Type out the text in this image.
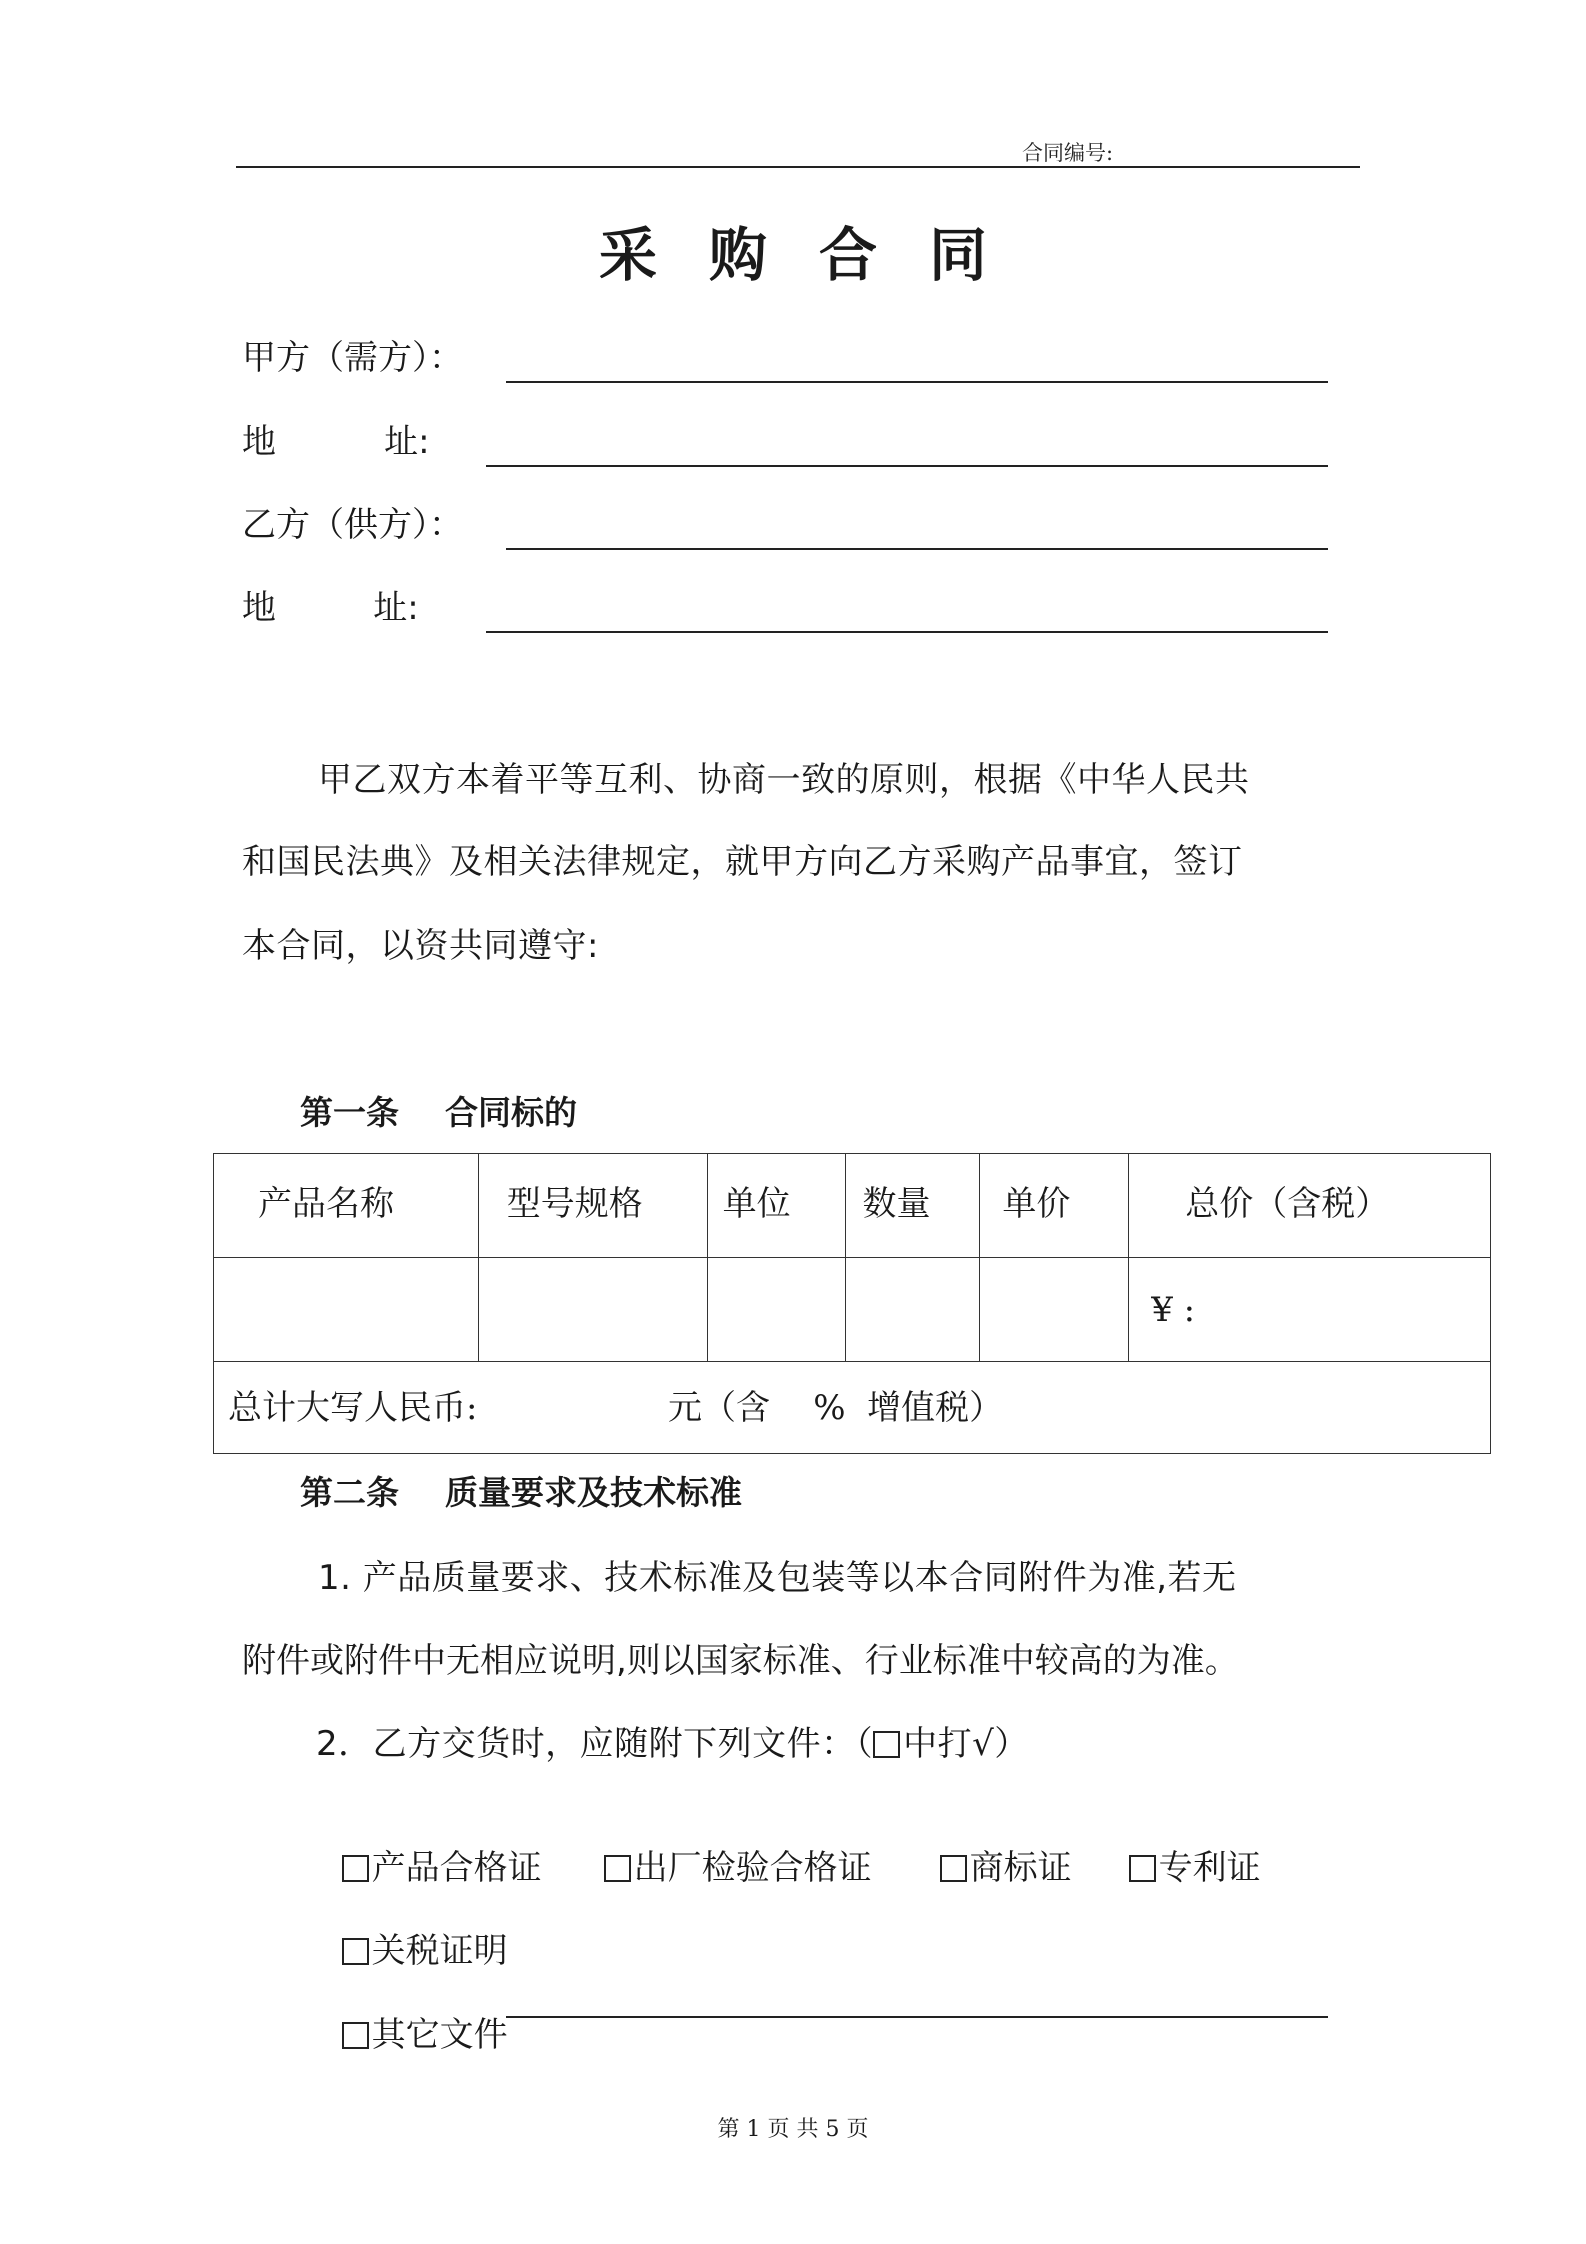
合同编号:
采 购 合 同
甲方（需方）：
地          址:
乙方（供方）：
地         址:
甲乙双方本着平等互利、协商一致的原则，根据《中华人民共
和国民法典》及相关法律规定，就甲方向乙方采购产品事宜，签订
本合同，以资共同遵守:
第一条    合同标的
产品名称	型号规格	单位	数量	单价	总价（含税）

					¥ :

总计大写人民币: 元（含    %  增值税）					
第二条    质量要求及技术标准
1. 产品质量要求、技术标准及包装等以本合同附件为准,若无
附件或附件中无相应说明,则以国家标准、行业标准中较高的为准。
2．乙方交货时，应随附下列文件：（ 中打√）

产品合格证	出厂检验合格证	商标证	专利证

关税证明

其它文件

第 1 页 共 5 页
